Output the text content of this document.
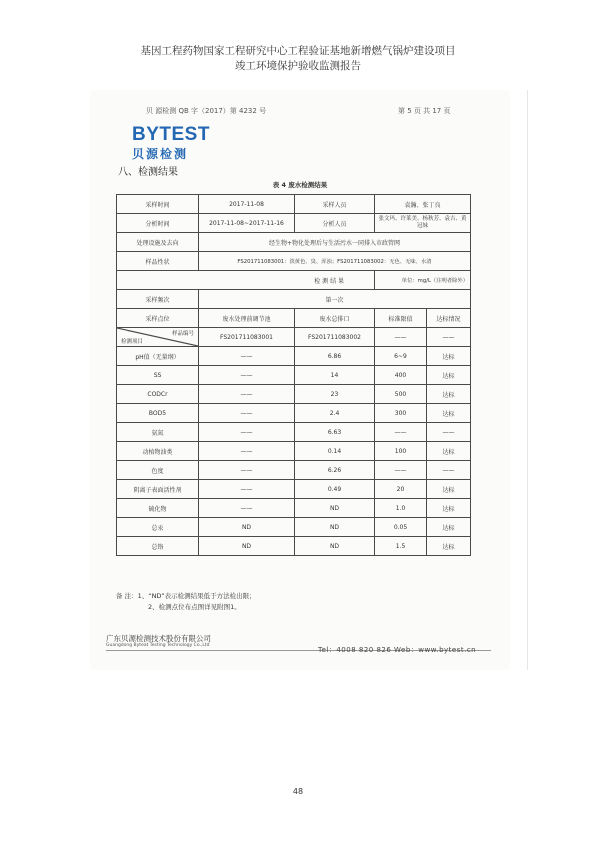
基因工程药物国家工程研究中心工程验证基地新增燃气锅炉建设项目
竣工环境保护验收监测报告
贝 源检测 QB 字（2017）第 4232 号	第 5 页 共 17 页
BYTEST
贝源检测
八、检测结果
表 4 废水检测结果
采样时间	2017-11-08	采样人员	袁瀚、张丁良	
分析时间	2017-11-08~2017-11-16	分析人员	张文玛、许莱美、杨秋芳、袁吉、黄冠妹	
处理设施及去向	经生物+物化处理后与生活污水一同排入市政管网			
样品性状	FS201711083001：淡黄色、臭、浑浊；FS201711083002：无色、无味、水清			
检 测 结 果			单位：mg/L（注明者除外）	
采样频次	第一次			
采样点位	废水处理前调节池	废水总排口	标准限值	达标情况

样品编号
检测项目	FS201711083001	FS201711083002	——	——
pH值（无量纲）	——	6.86	6~9	达标
SS	——	14	400	达标
CODCr	——	23	500	达标
BOD5	——	2.4	300	达标
氨氮	——	6.63	——	——
动植物油类	——	0.14	100	达标
色度	——	6.26	——	——
阴离子表面活性剂	——	0.49	20	达标
硫化物	——	ND	1.0	达标
总汞	ND	ND	0.05	达标
总铬	ND	ND	1.5	达标
备 注：1、“ND”表示检测结果低于方法检出限；
2、检测点位布点图详见附图1。
广东贝源检测技术股份有限公司
Guangdong Byteat Testing Technology Co.,Ltd
Tel：4008 820 826 Web：www.bytest.cn
48
